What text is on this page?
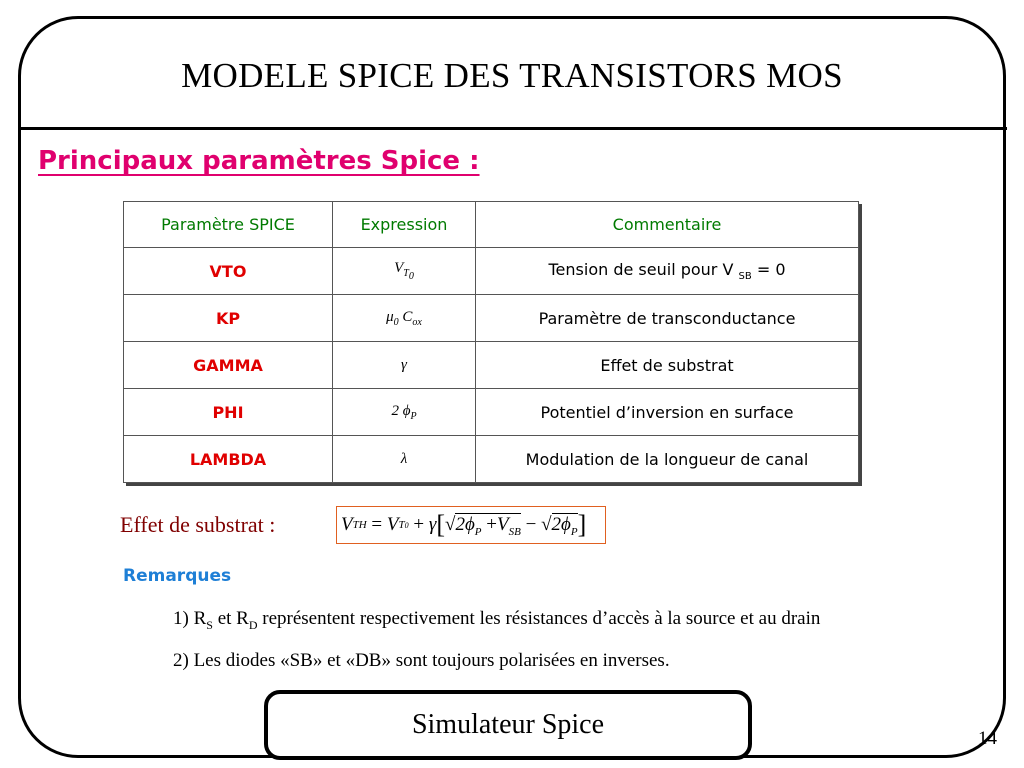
MODELE SPICE DES TRANSISTORS MOS
Principaux paramètres Spice :
Paramètre SPICE	Expression	Commentaire
VTO	$V_{T0}$	Tension de seuil pour V $_{SB}$ = 0
KP	$\mu_0$ $C_{ox}$	Paramètre de transconductance
GAMMA	γ	Effet de substrat
PHI	2 $\phi_P$	Potentiel d’inversion en surface
LAMBDA	λ	Modulation de la longueur de canal
Effet de substrat :	V TH
= V T0
+ γ [ √ $2\phi_P +V_{SB}$
−
√ $2\phi_P$ ]
Remarques
1) $R_S$ et $R_D$ représentent respectivement les résistances d’accès à la source et au drain
2) Les diodes «SB» et «DB» sont toujours polarisées en inverses.
Simulateur Spice	14
